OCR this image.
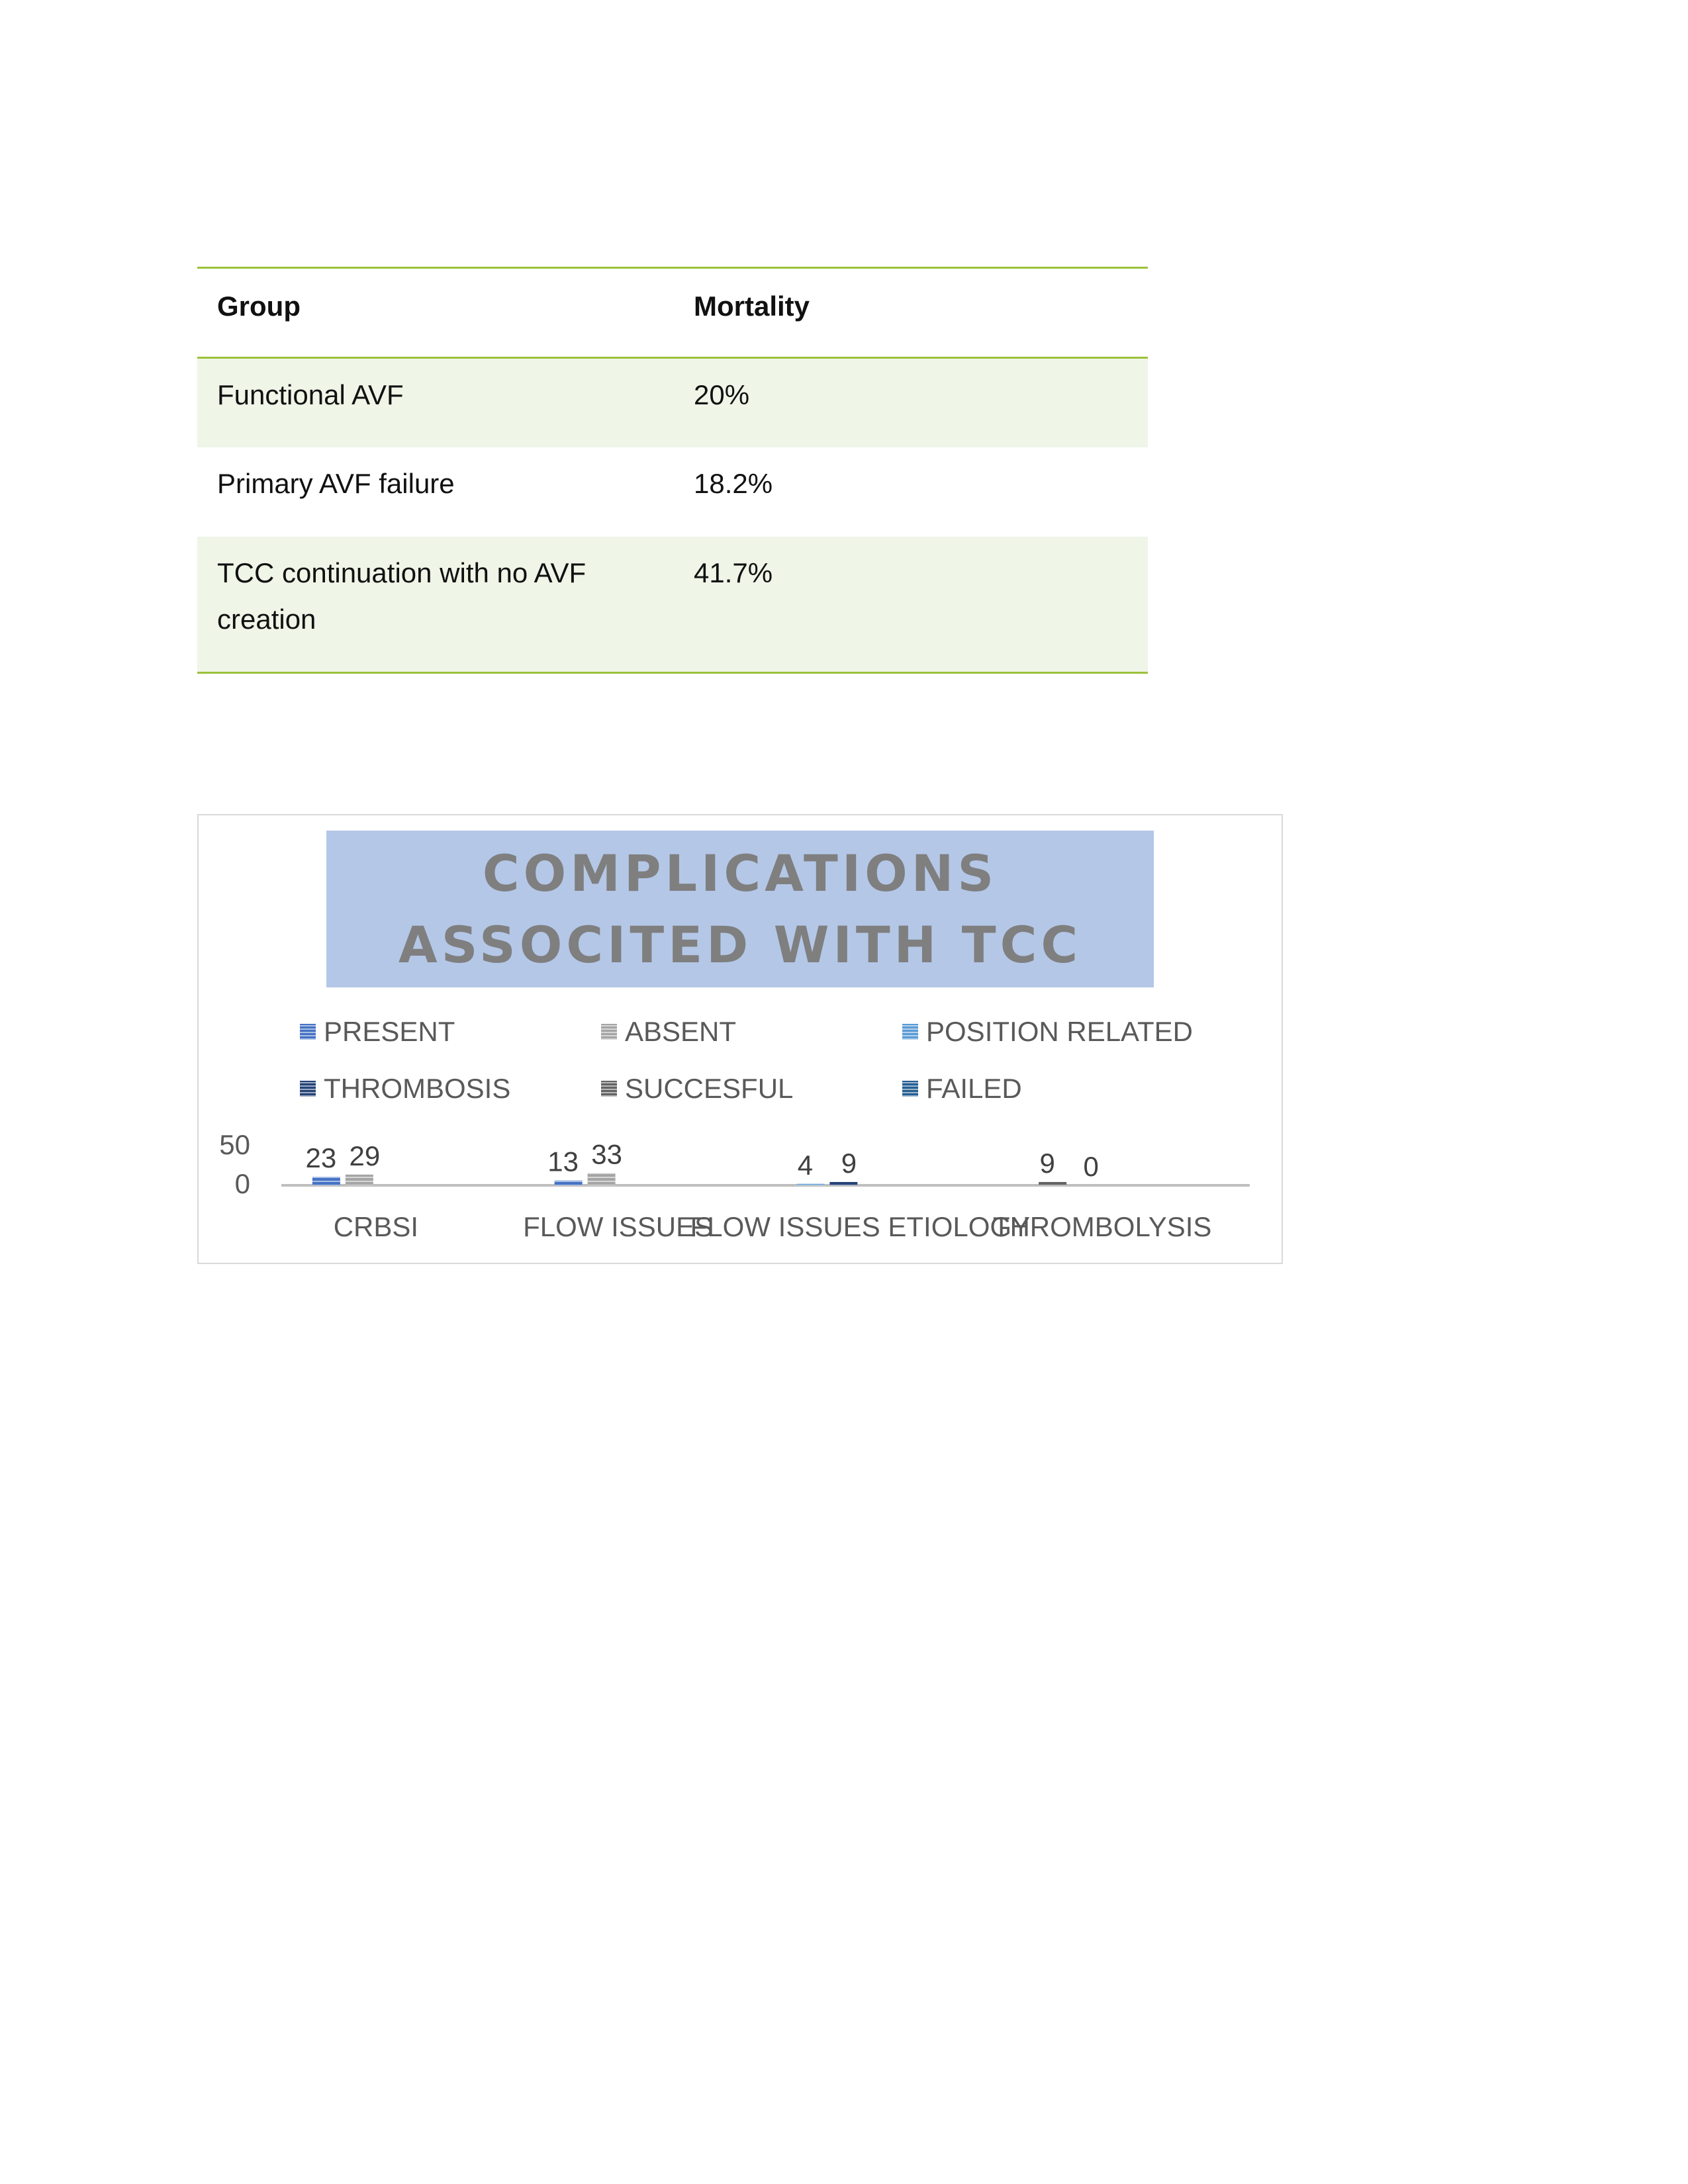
Group	Mortality
Functional AVF	20%
Primary AVF failure	18.2%
TCC continuation with no AVF creation	41.7%
COMPLICATIONS ASSOCITED WITH TCC
PRESENT	ABSENT	POSITION RELATED
THROMBOSIS	SUCCESFUL	FAILED
50
0
23 29
CRBSI
13 33
FLOW ISSUES
4 9
FLOW ISSUES ETIOLOGY
9 0
THROMBOLYSIS
